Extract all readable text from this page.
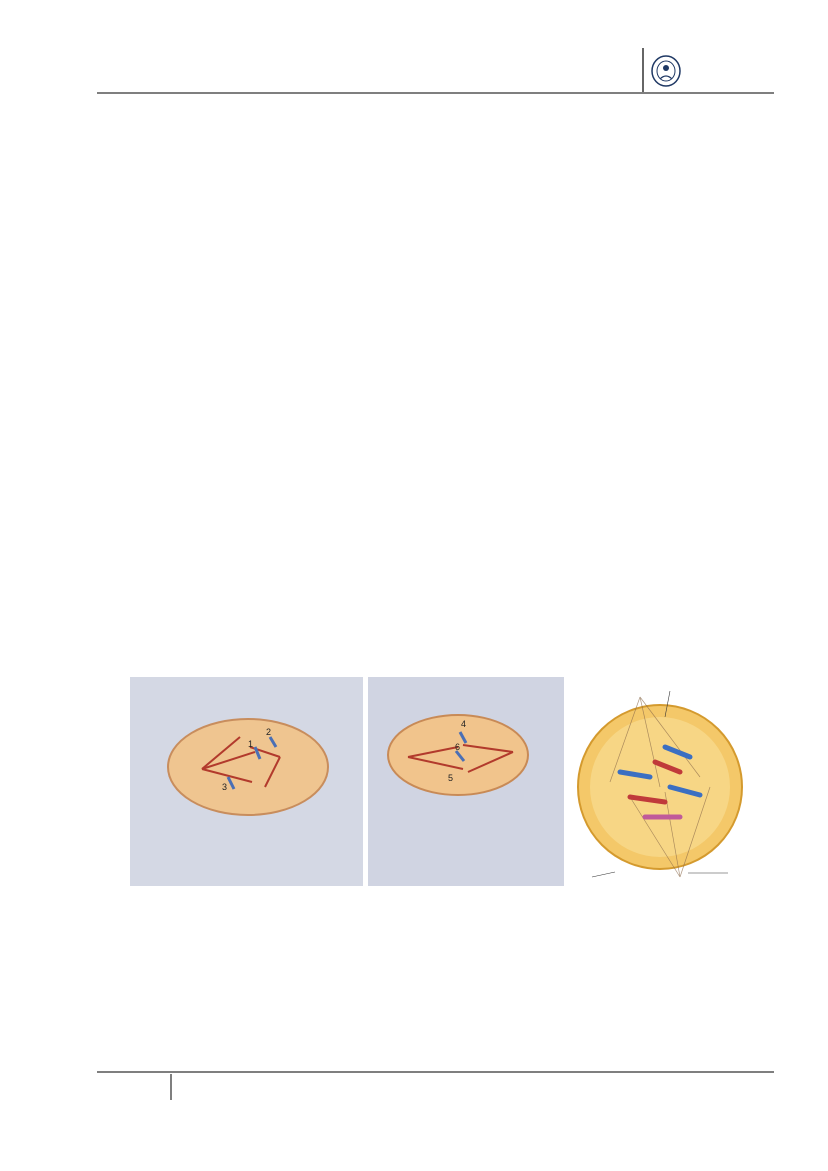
1
2
3
4
6
5
